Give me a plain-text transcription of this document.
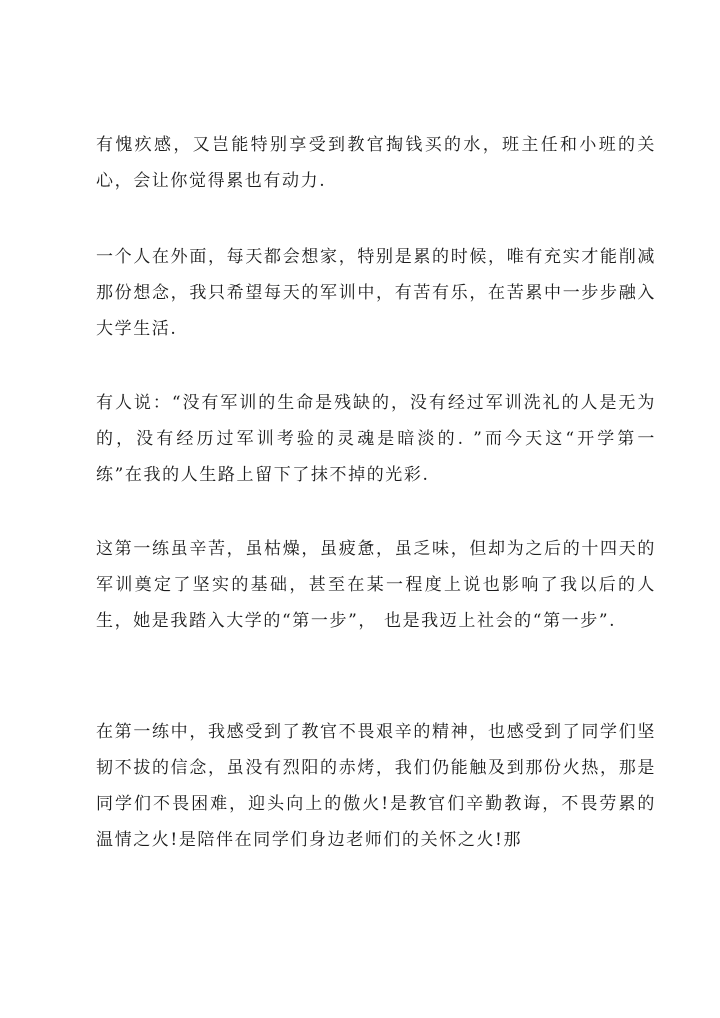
有愧疚感，又岂能特别享受到教官掏钱买的水，班主任和小班的关心，会让你觉得累也有动力.

一个人在外面，每天都会想家，特别是累的时候，唯有充实才能削减那份想念，我只希望每天的军训中，有苦有乐，在苦累中一步步融入大学生活.

有人说：“没有军训的生命是残缺的，没有经过军训洗礼的人是无为的，没有经历过军训考验的灵魂是暗淡的. ”而今天这“开学第一练”在我的人生路上留下了抹不掉的光彩.

这第一练虽辛苦，虽枯燥，虽疲惫，虽乏味，但却为之后的十四天的军训奠定了坚实的基础，甚至在某一程度上说也影响了我以后的人生，她是我踏入大学的“第一步”， 也是我迈上社会的“第一步”.

在第一练中，我感受到了教官不畏艰辛的精神，也感受到了同学们坚韧不拔的信念，虽没有烈阳的赤烤，我们仍能触及到那份火热，那是同学们不畏困难，迎头向上的傲火!是教官们辛勤教诲，不畏劳累的温情之火!是陪伴在同学们身边老师们的关怀之火!那
